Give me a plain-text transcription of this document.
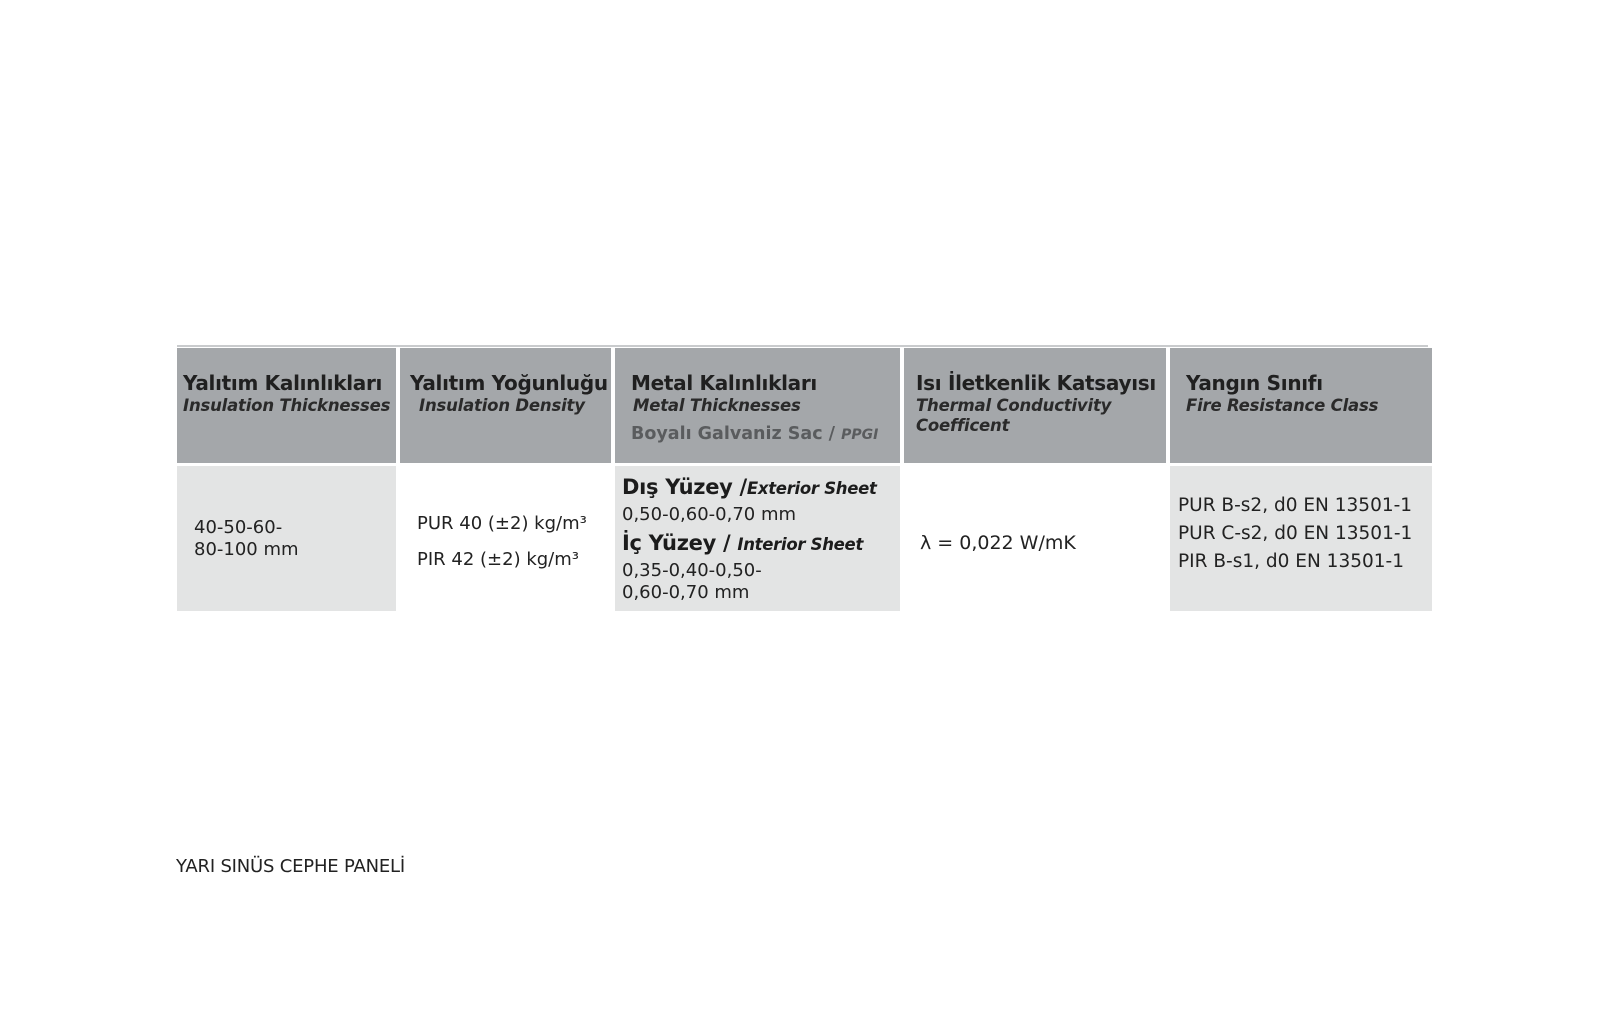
Yalıtım Kalınlıkları
Insulation Thicknesses
Yalıtım Yoğunluğu
Insulation Density
Metal Kalınlıkları
Metal Thicknesses
Boyalı Galvaniz Sac / PPGI
Isı İletkenlik Katsayısı
Thermal Conductivity
Coefficent
Yangın Sınıfı
Fire Resistance Class
40-50-60-
80-100 mm
PUR 40 (±2) kg/m³
PIR 42 (±2) kg/m³
Dış Yüzey /Exterior Sheet
0,50-0,60-0,70 mm
İç Yüzey / Interior Sheet
0,35-0,40-0,50-
0,60-0,70 mm
λ = 0,022 W/mK
PUR B-s2, d0 EN 13501-1
PUR C-s2, d0 EN 13501-1
PIR B-s1, d0 EN 13501-1
YARI SINÜS CEPHE PANELİ
